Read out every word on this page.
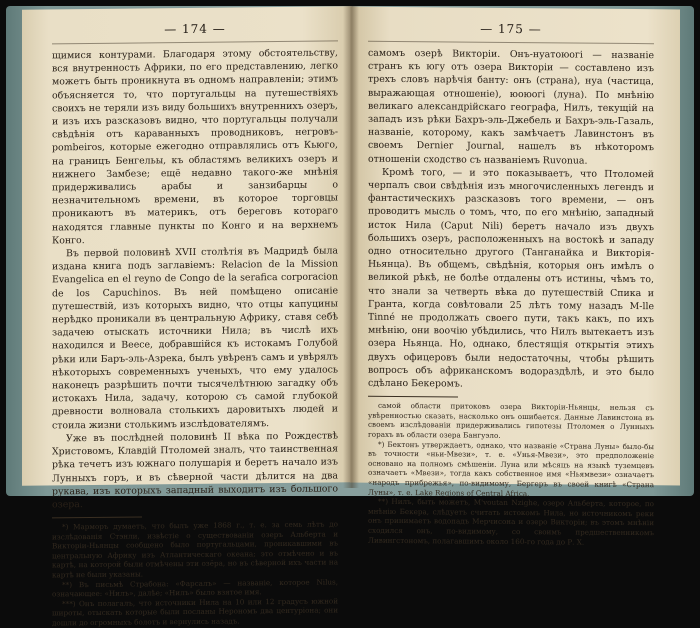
— 174 —

щимися контурами. Благодаря этому обстоятельству, вся внутренность Африки, по его представлению, легко можетъ быть проникнута въ одномъ направленіи; этимъ объясняется то, что португальцы на путешествіяхъ своихъ не теряли изъ виду большихъ внутреннихъ озеръ, и изъ ихъ разсказовъ видно, что португальцы получали свѣдѣнія отъ караванныхъ проводниковъ, негровъ-pombeiros, которые ежегодно отправлялись отъ Кьюго, на границъ Бенгельы, къ областямъ великихъ озеръ и нижнего Замбезе; ещё недавно такого-же мнѣнія придерживались арабы и занзибарцы о незначительномъ времени, въ которое торговцы проникаютъ въ материкъ, отъ береговъ котораго находятся главные пункты по Конго и на верхнемъ Конго.

Въ первой половинѣ XVII столѣтія въ Мадридѣ была издана книга подъ заглавіемъ: Relacion de la Mission Evangelica en el reyno de Congo de la serafica corporacion de los Capuchinos. Въ ней помѣщено описаніе путешествій, изъ которыхъ видно, что отцы капуцины нерѣдко проникали въ центральную Африку, ставя себѣ задачею отыскать источники Нила; въ числѣ ихъ находился и Beece, добравшійся къ истокамъ Голубой рѣки или Баръ-эль-Азрека, былъ увѣренъ самъ и увѣрялъ нѣкоторыхъ современныхъ ученыхъ, что ему удалось наконецъ разрѣшить почти тысячелѣтнюю загадку объ истокахъ Нила, задачу, которою съ самой глубокой древности волновала столькихъ даровитыхъ людей и стоила жизни столькимъ изслѣдователямъ.

Уже въ послѣдней половинѣ II вѣка по Рождествѣ Христовомъ, Клавдій Птоломей зналъ, что таинственная рѣка течетъ изъ южнаго полушарія и беретъ начало изъ Лунныхъ горъ, и въ сѣверной части дѣлится на два рукава, изъ которыхъ западный выходитъ изъ большого озера.

*) Марморъ думаетъ, что былъ уже 1868 г., т. е. за семь лѣтъ до изслѣдованія Стэнли, извѣстіе о существованіи озеръ Альберта и Викторіи-Ньянцы сообщено было португальцами, проникавшими въ центральную Африку изъ Атлантическаго океана; это отмѣчено и въ картѣ, на которой были отмѣчены эти озёра, но въ сѣверной ихъ части на картѣ не были указаны.

**) Въ письмѣ Страбона: «Фарсалъ» — названіе, которое Nilus, означающее: «Нилъ», далѣе; «Нилъ» было взятое имя.

***) Онъ полагалъ, что источники Нила на 10 или 12 градусъ южной широты, отыскать которые были посланы Нерономъ два центуріона; они дошли до огромныхъ болотъ и вернулись назадъ.

— 175 —

самомъ озерѣ Викторіи. Онъ-нуатоюогі — названіе странъ къ югу отъ озера Викторіи — составлено изъ трехъ словъ нарѣчія банту: онъ (страна), нуа (частица, выражающая отношеніе), юоюогі (луна). По мнѣнію великаго александрійскаго географа, Нилъ, текущій на западъ изъ рѣки Бахръ-эль-Джебель и Бахръ-эль-Газаль, названіе, которому, какъ замѣчаетъ Лавинстонъ въ своемъ Dernier Journal, нашелъ въ нѣкоторомъ отношеніи сходство съ названіемъ Ruvonua.

Кромѣ того, — и это показываетъ, что Птоломей черпалъ свои свѣдѣнія изъ многочисленныхъ легендъ и фантастическихъ разсказовъ того времени, — онъ проводитъ мысль о томъ, что, по его мнѣнію, западный исток Нила (Caput Nili) беретъ начало изъ двухъ большихъ озеръ, расположенныхъ на востокѣ и западу одно относительно другого (Танганайка и Викторія-Ньянца). Въ общемъ, свѣдѣнія, которыя онъ имѣлъ о великой рѣкѣ, не болѣе отдалены отъ истины, чѣмъ то, что знали за четверть вѣка до путешествій Спика и Гранта, когда совѣтовали 25 лѣтъ тому назадъ M-lle Tinné не продолжать своего пути, такъ какъ, по ихъ мнѣнію, они воочію убѣдились, что Нилъ вытекаетъ изъ озера Ньянца. Но, однако, блестящія открытія этихъ двухъ офицеровъ были недостаточны, чтобы рѣшить вопросъ объ африканскомъ водораздѣлѣ, и это было сдѣлано Бекеромъ.

самой области притоковъ озера Викторіи-Ньянцы, нельзя съ увѣренностью сказать, насколько онъ ошибается. Данные Лавинстона въ своемъ изслѣдованіи придерживались гипотезы Птоломея о Лунныхъ горахъ въ области озера Бангуэло.

*) Бектонъ утверждаетъ, однако, что названіе «Страна Луны» было-бы въ точности «ньи-Мвези», т. е. «Унья-Мвези», это предположеніе основано на полномъ смѣшеніи. Луна или мѣсяцъ на языкѣ туземцевъ означаетъ «Мвези», тогда какъ собственное имя «Ньямвези» означаетъ «народъ прибрежья», по-видимому, Бергеръ въ своей книгѣ «Страна Луны», т. е. Lake Regions of Central Africa.

**) Нилъ, быть можетъ, M'voutan Nzighe, озеро Альберта, которое, по мнѣнію Бекера, слѣдуетъ считать истокомъ Нила, но источникомъ реки онъ принимаетъ водопадъ Мерчисона и озеро Викторіи; въ этомъ мнѣніи сходился онъ, по-видимому, со своимъ предшественникомъ Ливингстономъ, полагавшимъ около 160-го года до Р. Х.
